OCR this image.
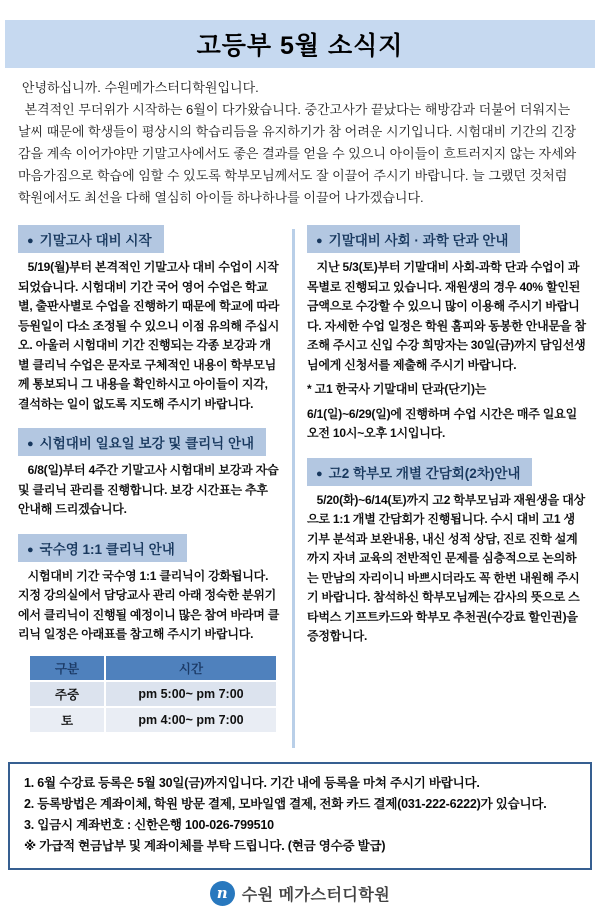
고등부 5월 소식지

안녕하십니까. 수원메가스터디학원입니다.

본격적인 무더위가 시작하는 6월이 다가왔습니다. 중간고사가 끝났다는 해방감과 더불어 더워지는 날씨 때문에 학생들이 평상시의 학습리듬을 유지하기가 참 어려운 시기입니다. 시험대비 기간의 긴장감을 계속 이어가야만 기말고사에서도 좋은 결과를 얻을 수 있으니 아이들이 흐트러지지 않는 자세와 마음가짐으로 학습에 임할 수 있도록 학부모님께서도 잘 이끌어 주시기 바랍니다. 늘 그랬던 것처럼 학원에서도 최선을 다해 열심히 아이들 하나하나를 이끌어 나가겠습니다.

● 기말고사 대비 시작

5/19(월)부터 본격적인 기말고사 대비 수업이 시작되었습니다. 시험대비 기간 국어 영어 수업은 학교별, 출판사별로 수업을 진행하기 때문에 학교에 따라 등원일이 다소 조정될 수 있으니 이점 유의해 주십시오. 아울러 시험대비 기간 진행되는 각종 보강과 개별 클리닉 수업은 문자로 구체적인 내용이 학부모님께 통보되니 그 내용을 확인하시고 아이들이 지각, 결석하는 일이 없도록 지도해 주시기 바랍니다.

● 시험대비 일요일 보강 및 클리닉 안내

6/8(일)부터 4주간 기말고사 시험대비 보강과 자습 및 클리닉 관리를 진행합니다. 보강 시간표는 추후 안내해 드리겠습니다.

● 국수영 1:1 클리닉 안내

시험대비 기간 국수영 1:1 클리닉이 강화됩니다. 지정 강의실에서 담당교사 관리 아래 정숙한 분위기에서 클리닉이 진행될 예정이니 많은 참여 바라며 클리닉 일정은 아래표를 참고해 주시기 바랍니다.

구분	시간
주중	pm 5:00~ pm 7:00
토	pm 4:00~ pm 7:00
● 기말대비 사회 · 과학 단과 안내

지난 5/3(토)부터 기말대비 사회-과학 단과 수업이 과목별로 진행되고 있습니다. 재원생의 경우 40% 할인된 금액으로 수강할 수 있으니 많이 이용해 주시기 바랍니다. 자세한 수업 일정은 학원 홈피와 동봉한 안내문을 참조해 주시고 신입 수강 희망자는 30일(금)까지 담임선생님에게 신청서를 제출해 주시기 바랍니다.

* 고1 한국사 기말대비 단과(단기)는

6/1(일)~6/29(일)에 진행하며 수업 시간은 매주 일요일 오전 10시~오후 1시입니다.

● 고2 학부모 개별 간담회(2차)안내

5/20(화)~6/14(토)까지 고2 학부모님과 재원생을 대상으로 1:1 개별 간담회가 진행됩니다. 수시 대비 고1 생기부 분석과 보완내용, 내신 성적 상담, 진로 진학 설계까지 자녀 교육의 전반적인 문제를 심층적으로 논의하는 만남의 자리이니 바쁘시더라도 꼭 한번 내원해 주시기 바랍니다. 참석하신 학부모님께는 감사의 뜻으로 스타벅스 기프트카드와 학부모 추천권(수강료 할인권)을 증정합니다.

1. 6월 수강료 등록은 5월 30일(금)까지입니다. 기간 내에 등록을 마쳐 주시기 바랍니다.

2. 등록방법은 계좌이체, 학원 방문 결제, 모바일앱 결제, 전화 카드 결제(031-222-6222)가 있습니다.

3. 입금시 계좌번호 : 신한은행 100-026-799510

※ 가급적 현금납부 및 계좌이체를 부탁 드립니다. (현금 영수증 발급)

n 수원 메가스터디학원
